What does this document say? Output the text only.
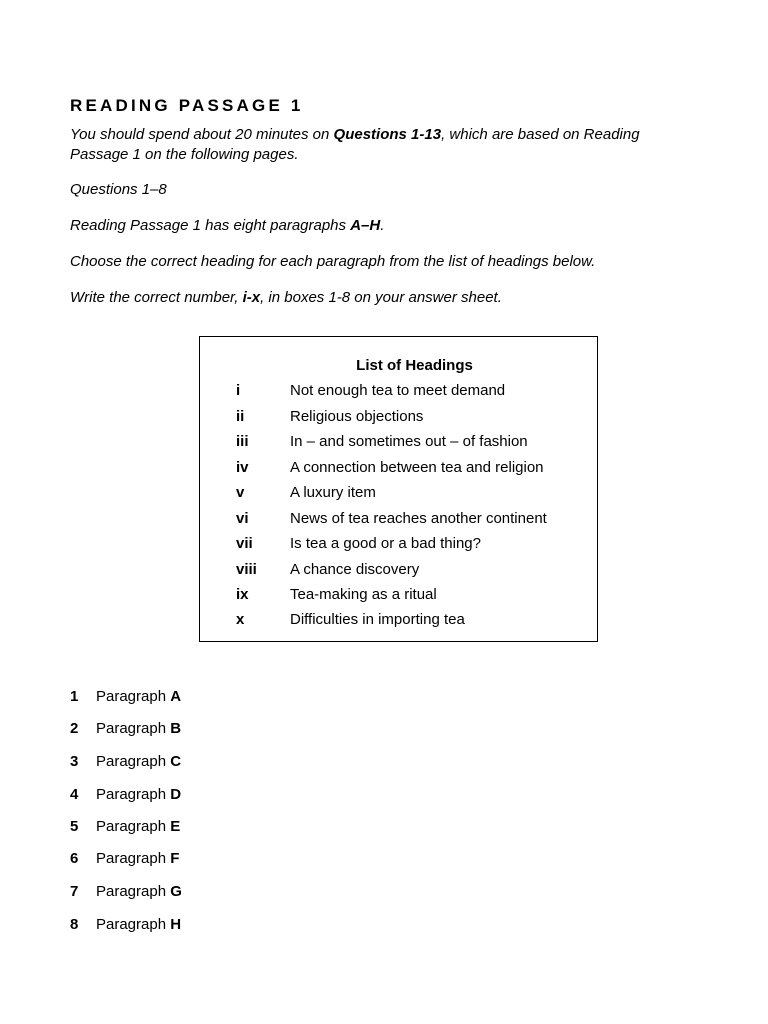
READING PASSAGE 1

You should spend about 20 minutes on Questions 1-13, which are based on Reading
Passage 1 on the following pages.

Questions 1–8

Reading Passage 1 has eight paragraphs A–H.

Choose the correct heading for each paragraph from the list of headings below.

Write the correct number, i-x, in boxes 1-8 on your answer sheet.

List of Headings
i	Not enough tea to meet demand
ii	Religious objections
iii	In – and sometimes out – of fashion
iv	A connection between tea and religion
v	A luxury item
vi	News of tea reaches another continent
vii Is tea a good or a bad thing?
viii A chance discovery
ix	Tea-making as a ritual
x	Difficulties in importing tea
1 Paragraph A
2 Paragraph B
3 Paragraph C
4 Paragraph D
5 Paragraph E
6 Paragraph F
7 Paragraph G
8 Paragraph H
